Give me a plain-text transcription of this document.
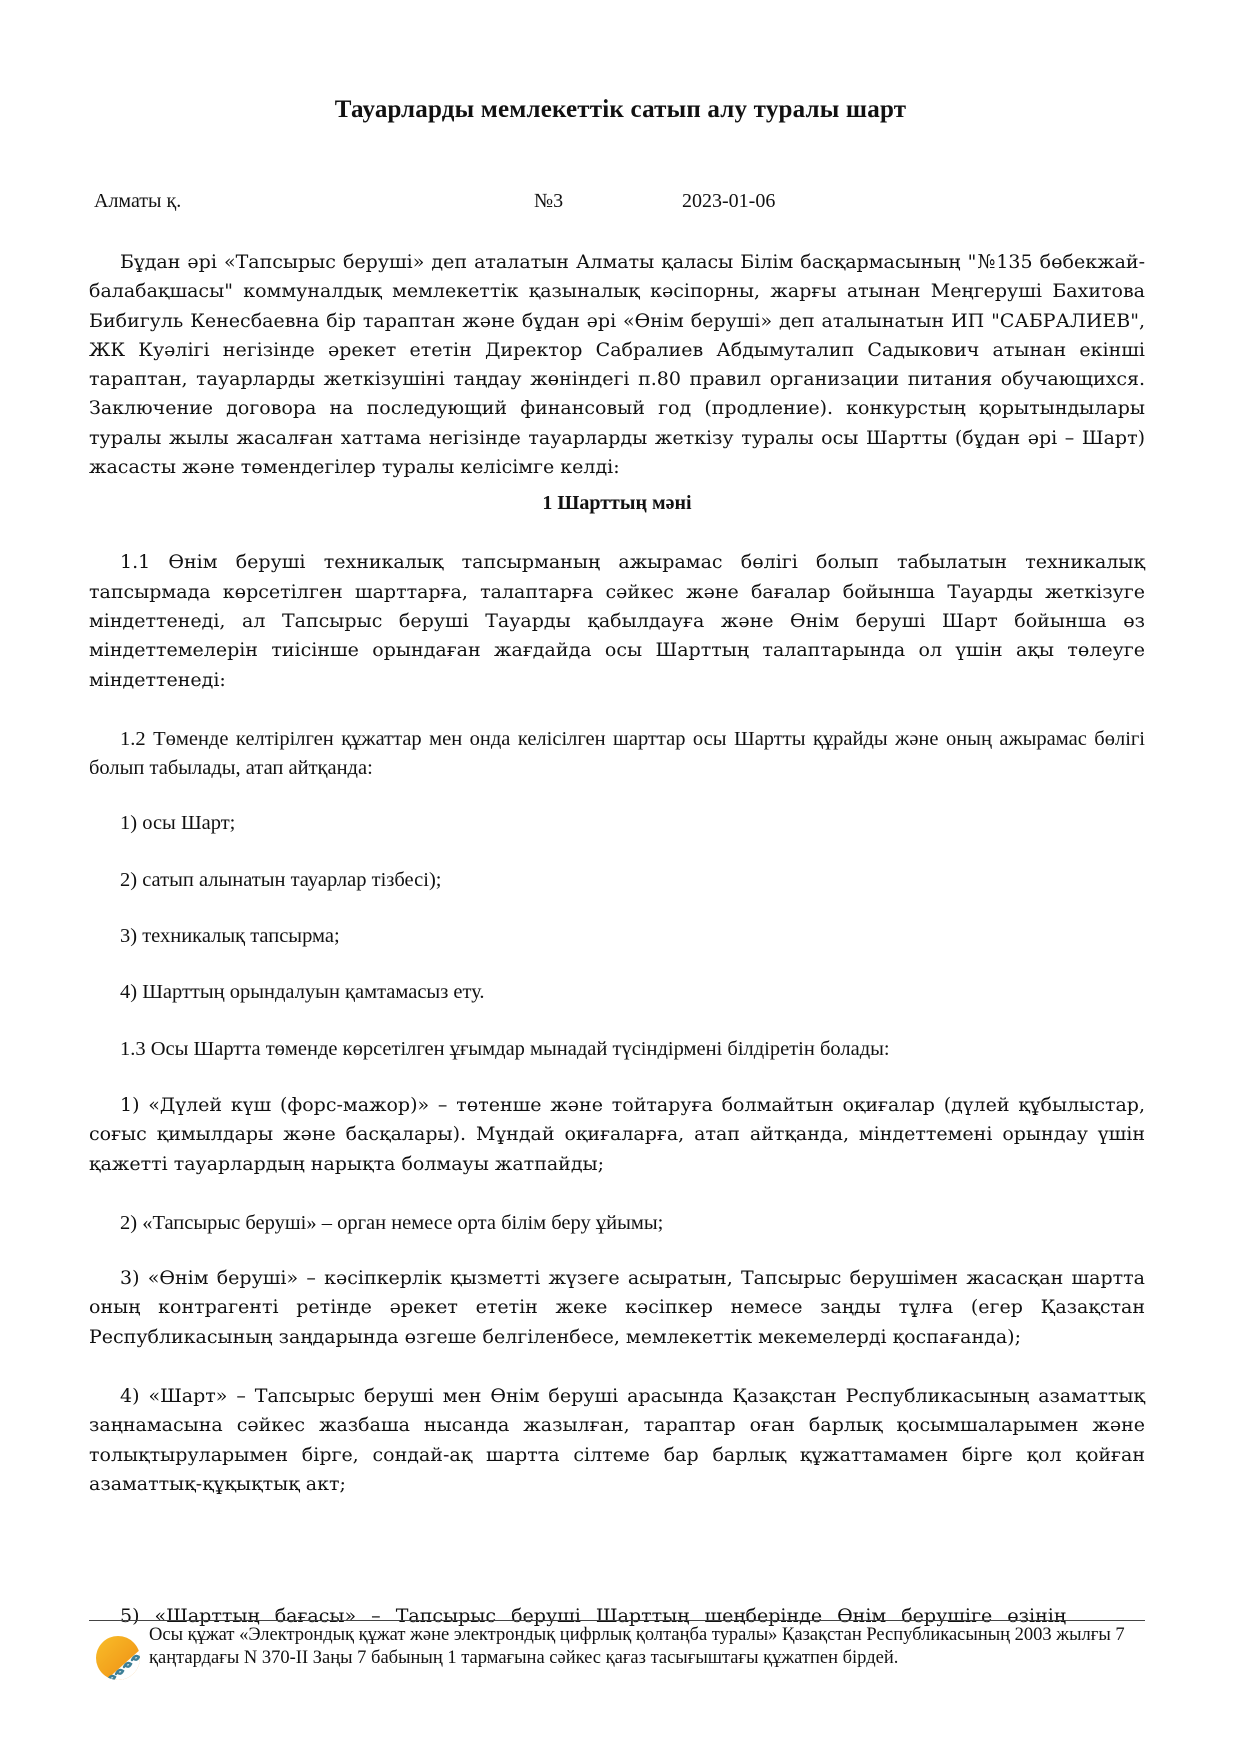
Тауарларды мемлекеттік сатып алу туралы шарт
Алматы қ.	№3	2023-01-06

Бұдан әрі «Тапсырыс беруші» деп аталатын Алматы қаласы Білім басқармасының "№135 бөбекжай-балабақшасы" коммуналдық мемлекеттік қазыналық кәсіпорны, жарғы атынан Меңгеруші Бахитова Бибигуль Кенесбаевна бір тараптан және бұдан әрі «Өнім беруші» деп аталынатын ИП "САБРАЛИЕВ", ЖК Куәлігі негізінде әрекет ететін Директор Сабралиев Абдымуталип Садыкович атынан екінші тараптан, тауарларды жеткізушіні таңдау жөніндегі п.80 правил организации питания обучающихся. Заключение договора на последующий финансовый год (продление). конкурстың қорытындылары туралы жылы жасалған хаттама негізінде тауарларды жеткізу туралы осы Шартты (бұдан әрі – Шарт) жасасты және төмендегілер туралы келісімге келді:

1 Шарттың мәні

1.1 Өнім беруші техникалық тапсырманың ажырамас бөлігі болып табылатын техникалық тапсырмада көрсетілген шарттарға, талаптарға сәйкес және бағалар бойынша Тауарды жеткізуге міндеттенеді, ал Тапсырыс беруші Тауарды қабылдауға және Өнім беруші Шарт бойынша өз міндеттемелерін тиісінше орындаған жағдайда осы Шарттың талаптарында ол үшін ақы төлеуге міндеттенеді:

1.2 Төменде келтірілген құжаттар мен онда келісілген шарттар осы Шартты құрайды және оның ажырамас бөлігі болып табылады, атап айтқанда:

1) осы Шарт;

2) сатып алынатын тауарлар тізбесі);

3) техникалық тапсырма;

4) Шарттың орындалуын қамтамасыз ету.

1.3 Осы Шартта төменде көрсетілген ұғымдар мынадай түсіндірмені білдіретін болады:

1) «Дүлей күш (форс-мажор)» – төтенше және тойтаруға болмайтын оқиғалар (дүлей құбылыстар, соғыс қимылдары және басқалары). Мұндай оқиғаларға, атап айтқанда, міндеттемені орындау үшін қажетті тауарлардың нарықта болмауы жатпайды;

2) «Тапсырыс беруші» – орган немесе орта білім беру ұйымы;

3) «Өнім беруші» – кәсіпкерлік қызметті жүзеге асыратын, Тапсырыс берушімен жасасқан шартта оның контрагенті ретінде әрекет ететін жеке кәсіпкер немесе заңды тұлға (егер Қазақстан Республикасының заңдарында өзгеше белгіленбесе, мемлекеттік мекемелерді қоспағанда);

4) «Шарт» – Тапсырыс беруші мен Өнім беруші арасында Қазақстан Республикасының азаматтық заңнамасына сәйкес жазбаша нысанда жазылған, тараптар оған барлық қосымшаларымен және толықтыруларымен бірге, сондай-ақ шартта сілтеме бар барлық құжаттамамен бірге қол қойған азаматтық-құқықтық акт;

5) «Шарттың бағасы» – Тапсырыс беруші Шарттың шеңберінде Өнім берушіге өзінің
Осы құжат «Электрондық құжат және электрондық цифрлық қолтаңба туралы» Қазақстан Республикасының 2003 жылғы 7 қаңтардағы N 370-II Заңы 7 бабының 1 тармағына сәйкес қағаз тасығыштағы құжатпен бірдей.
